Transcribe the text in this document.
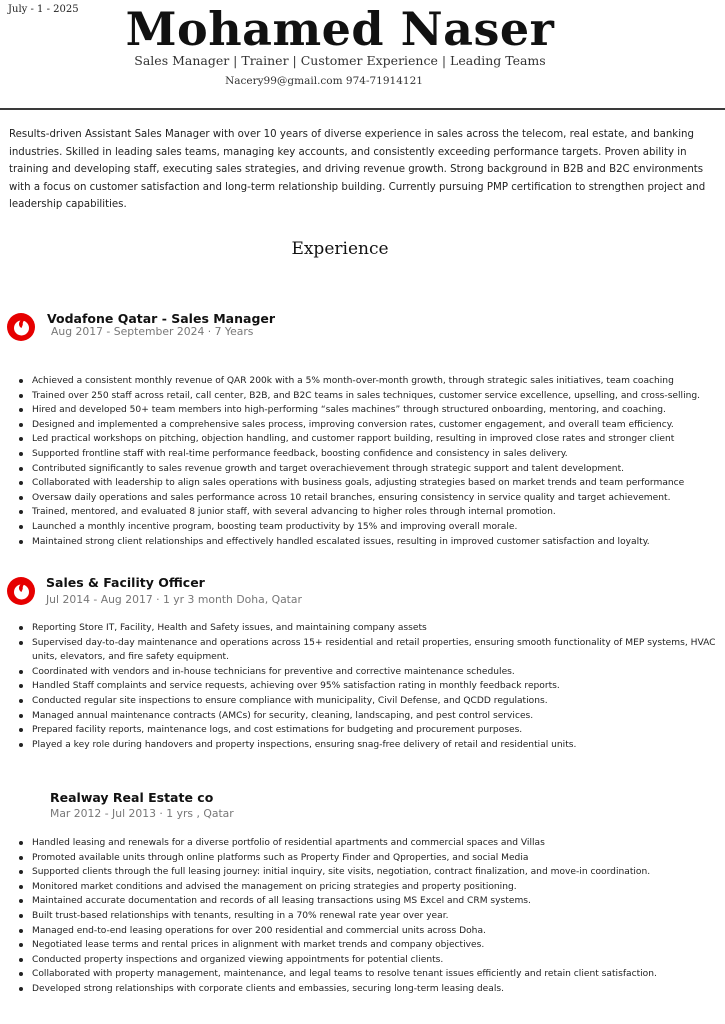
July - 1 - 2025	Mohamed Naser
Sales Manager | Trainer | Customer Experience | Leading Teams
Nacery99@gmail.com 974-71914121

Results-driven Assistant Sales Manager with over 10 years of diverse experience in sales across the telecom, real estate, and banking industries. Skilled in leading sales teams, managing key accounts, and consistently exceeding performance targets. Proven ability in training and developing staff, executing sales strategies, and driving revenue growth. Strong background in B2B and B2C environments with a focus on customer satisfaction and long-term relationship building. Currently pursuing PMP certification to strengthen project and leadership capabilities.

Experience
Vodafone Qatar - Sales Manager
Aug 2017 - September 2024 · 7 Years
Achieved a consistent monthly revenue of QAR 200k with a 5% month-over-month growth, through strategic sales initiatives, team coaching
Trained over 250 staff across retail, call center, B2B, and B2C teams in sales techniques, customer service excellence, upselling, and cross-selling.
Hired and developed 50+ team members into high-performing “sales machines” through structured onboarding, mentoring, and coaching.
Designed and implemented a comprehensive sales process, improving conversion rates, customer engagement, and overall team efficiency.
Led practical workshops on pitching, objection handling, and customer rapport building, resulting in improved close rates and stronger client
Supported frontline staff with real-time performance feedback, boosting confidence and consistency in sales delivery.
Contributed significantly to sales revenue growth and target overachievement through strategic support and talent development.
Collaborated with leadership to align sales operations with business goals, adjusting strategies based on market trends and team performance
Oversaw daily operations and sales performance across 10 retail branches, ensuring consistency in service quality and target achievement.
Trained, mentored, and evaluated 8 junior staff, with several advancing to higher roles through internal promotion.
Launched a monthly incentive program, boosting team productivity by 15% and improving overall morale.
Maintained strong client relationships and effectively handled escalated issues, resulting in improved customer satisfaction and loyalty.
Sales & Facility Officer
Jul 2014 - Aug 2017 · 1 yr 3 month Doha, Qatar
Reporting Store IT, Facility, Health and Safety issues, and maintaining company assets
Supervised day-to-day maintenance and operations across 15+ residential and retail properties, ensuring smooth functionality of MEP systems, HVAC units, elevators, and fire safety equipment.
Coordinated with vendors and in-house technicians for preventive and corrective maintenance schedules.
Handled Staff complaints and service requests, achieving over 95% satisfaction rating in monthly feedback reports.
Conducted regular site inspections to ensure compliance with municipality, Civil Defense, and QCDD regulations.
Managed annual maintenance contracts (AMCs) for security, cleaning, landscaping, and pest control services.
Prepared facility reports, maintenance logs, and cost estimations for budgeting and procurement purposes.
Played a key role during handovers and property inspections, ensuring snag-free delivery of retail and residential units.
Realway Real Estate co
Mar 2012 - Jul 2013 · 1 yrs , Qatar
Handled leasing and renewals for a diverse portfolio of residential apartments and commercial spaces and Villas
Promoted available units through online platforms such as Property Finder and Qproperties, and social Media
Supported clients through the full leasing journey: initial inquiry, site visits, negotiation, contract finalization, and move-in coordination.
Monitored market conditions and advised the management on pricing strategies and property positioning.
Maintained accurate documentation and records of all leasing transactions using MS Excel and CRM systems.
Built trust-based relationships with tenants, resulting in a 70% renewal rate year over year.
Managed end-to-end leasing operations for over 200 residential and commercial units across Doha.
Negotiated lease terms and rental prices in alignment with market trends and company objectives.
Conducted property inspections and organized viewing appointments for potential clients.
Collaborated with property management, maintenance, and legal teams to resolve tenant issues efficiently and retain client satisfaction.
Developed strong relationships with corporate clients and embassies, securing long-term leasing deals.
